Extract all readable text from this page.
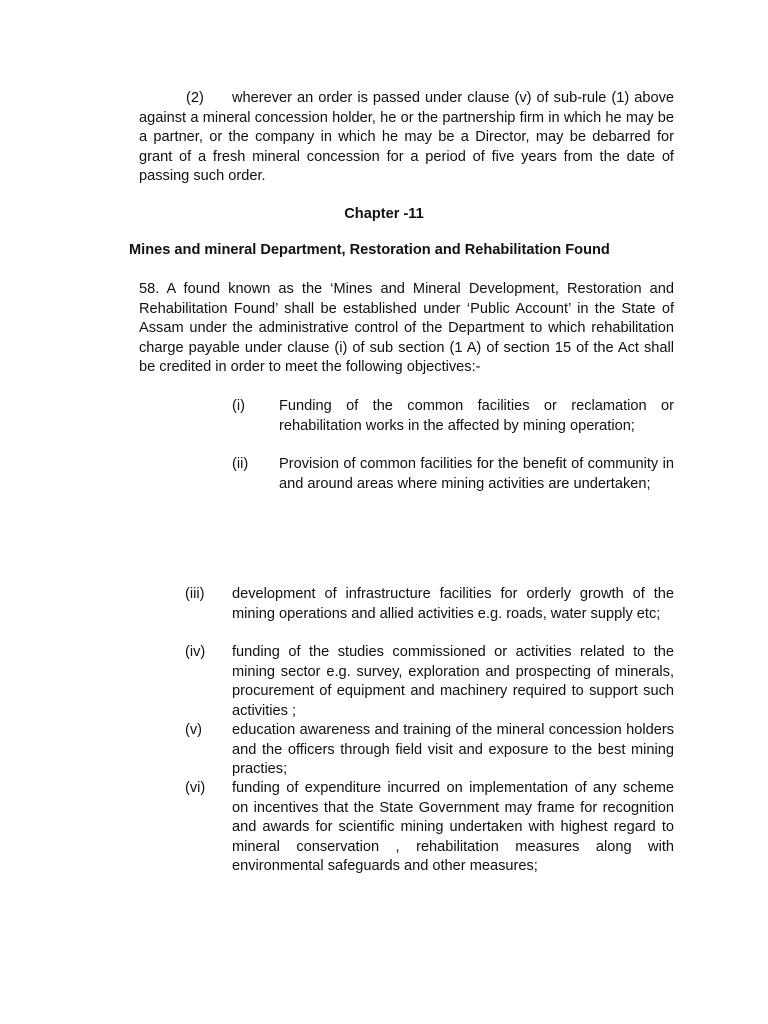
(2) wherever an order is passed under clause (v) of sub-rule (1) above against a mineral concession holder, he or the partnership firm in which he may be a partner, or the company in which he may be a Director, may be debarred for grant of a fresh mineral concession for a period of five years from the date of passing such order.

Chapter -11

Mines and mineral Department, Restoration and Rehabilitation Found

58. A found known as the ‘Mines and Mineral Development, Restoration and Rehabilitation Found’ shall be established under ‘Public Account’ in the State of Assam under the administrative control of the Department to which rehabilitation charge payable under clause (i) of sub section (1 A) of section 15 of the Act shall be credited in order to meet the following objectives:-

(i) Funding of the common facilities or reclamation or rehabilitation works in the affected by mining operation;

(ii) Provision of common facilities for the benefit of community in and around areas where mining activities are undertaken;

(iii) development of infrastructure facilities for orderly growth of the mining operations and allied activities e.g. roads, water supply etc;

(iv) funding of the studies commissioned or activities related to the mining sector e.g. survey, exploration and prospecting of minerals, procurement of equipment and machinery required to support such activities ;

(v) education awareness and training of the mineral concession holders and the officers through field visit and exposure to the best mining practies;

(vi) funding of expenditure incurred on implementation of any scheme on incentives that the State Government may frame for recognition and awards for scientific mining undertaken with highest regard to mineral conservation , rehabilitation measures along with environmental safeguards and other measures;
